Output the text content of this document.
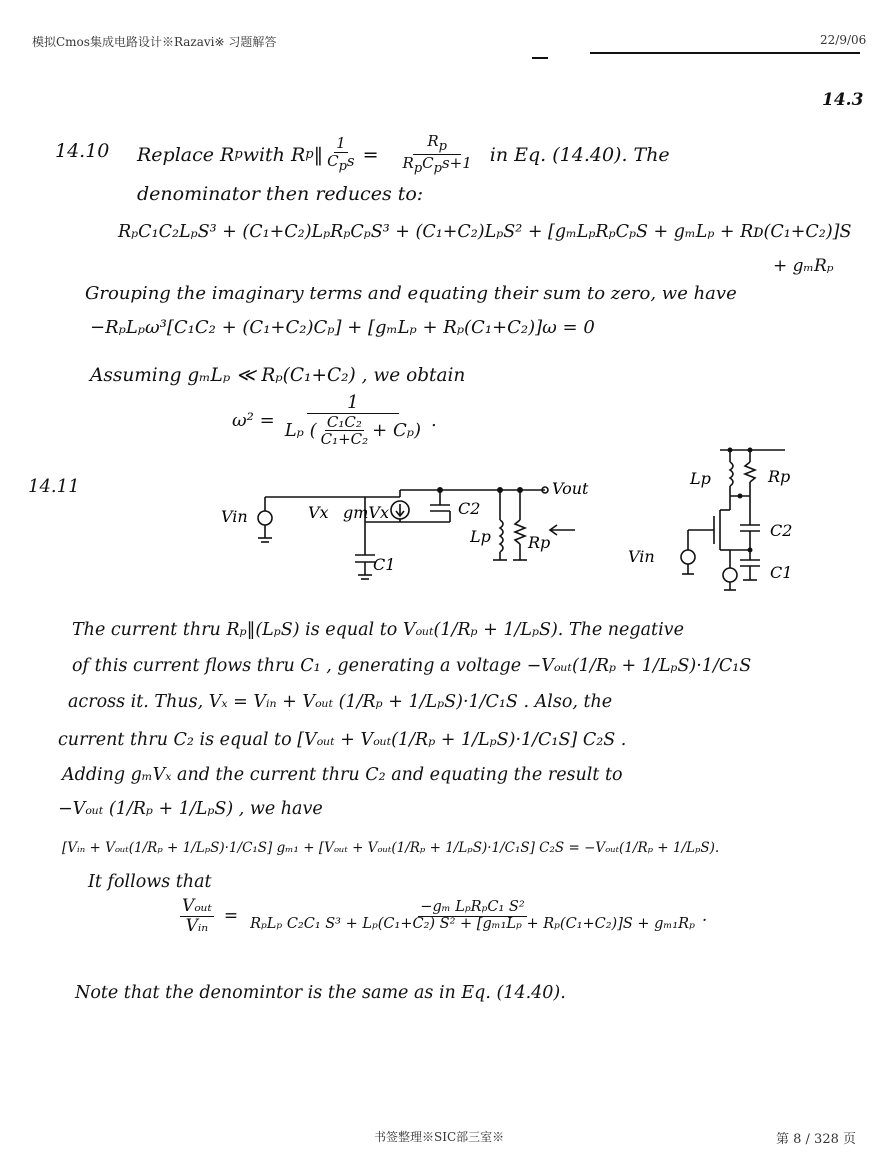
模拟Cmos集成电路设计※Razavi※ 习题解答	22/9/06
14.3
14.10 Replace R p with R p ‖ $\frac{1}{C_ps} = \frac{R_p}{R_pC_ps+1}$ in Eq. (14.40). The
denominator then reduces to:
RₚC₁C₂LₚS³ + (C₁+C₂)LₚRₚCₚS³ + (C₁+C₂)LₚS² + [gₘLₚRₚCₚS + gₘLₚ + Rᴅ(C₁+C₂)]S
+ gₘRₚ
Grouping the imaginary terms and equating their sum to zero, we have
−RₚLₚω³[C₁C₂ + (C₁+C₂)Cₚ] + [gₘLₚ + Rₚ(C₁+C₂)]ω = 0
Assuming gₘLₚ ≪ Rₚ(C₁+C₂) , we obtain
$\omega^2 = \frac{1}{L_p ( \frac{\text{C₁C₂}}{\text{C₁+C₂}} + C_p)}$ .
14.11
Vin	Vx gmVx
C1
C2
Lp Rp
Vout
Lp	Rp
C2
C1
Vin
The current thru Rₚ‖(LₚS) is equal to Vₒᵤₜ(1/Rₚ + 1/LₚS). The negative
of this current flows thru C₁ , generating a voltage −Vₒᵤₜ(1/Rₚ + 1/LₚS)·1/C₁S
across it. Thus, Vₓ = Vᵢₙ + Vₒᵤₜ (1/Rₚ + 1/LₚS)·1/C₁S . Also, the
current thru C₂ is equal to [Vₒᵤₜ + Vₒᵤₜ(1/Rₚ + 1/LₚS)·1/C₁S] C₂S .
Adding gₘVₓ and the current thru C₂ and equating the result to
−Vₒᵤₜ (1/Rₚ + 1/LₚS) , we have
[Vᵢₙ + Vₒᵤₜ(1/Rₚ + 1/LₚS)·1/C₁S] gₘ₁ + [Vₒᵤₜ + Vₒᵤₜ(1/Rₚ + 1/LₚS)·1/C₁S] C₂S = −Vₒᵤₜ(1/Rₚ + 1/LₚS).
It follows that
$\frac{\text{Vₒᵤₜ}}{\text{Vᵢₙ}} = \frac{\text{−gₘ LₚRₚC₁ S²}}{\text{RₚLₚ C₂C₁ S³ + Lₚ(C₁+C₂) S² + [gₘ₁Lₚ + Rₚ(C₁+C₂)]S + gₘ₁Rₚ}}$ .
Note that the denomintor is the same as in Eq. (14.40).
书签整理※SIC部三室※	第 8 / 328 页
